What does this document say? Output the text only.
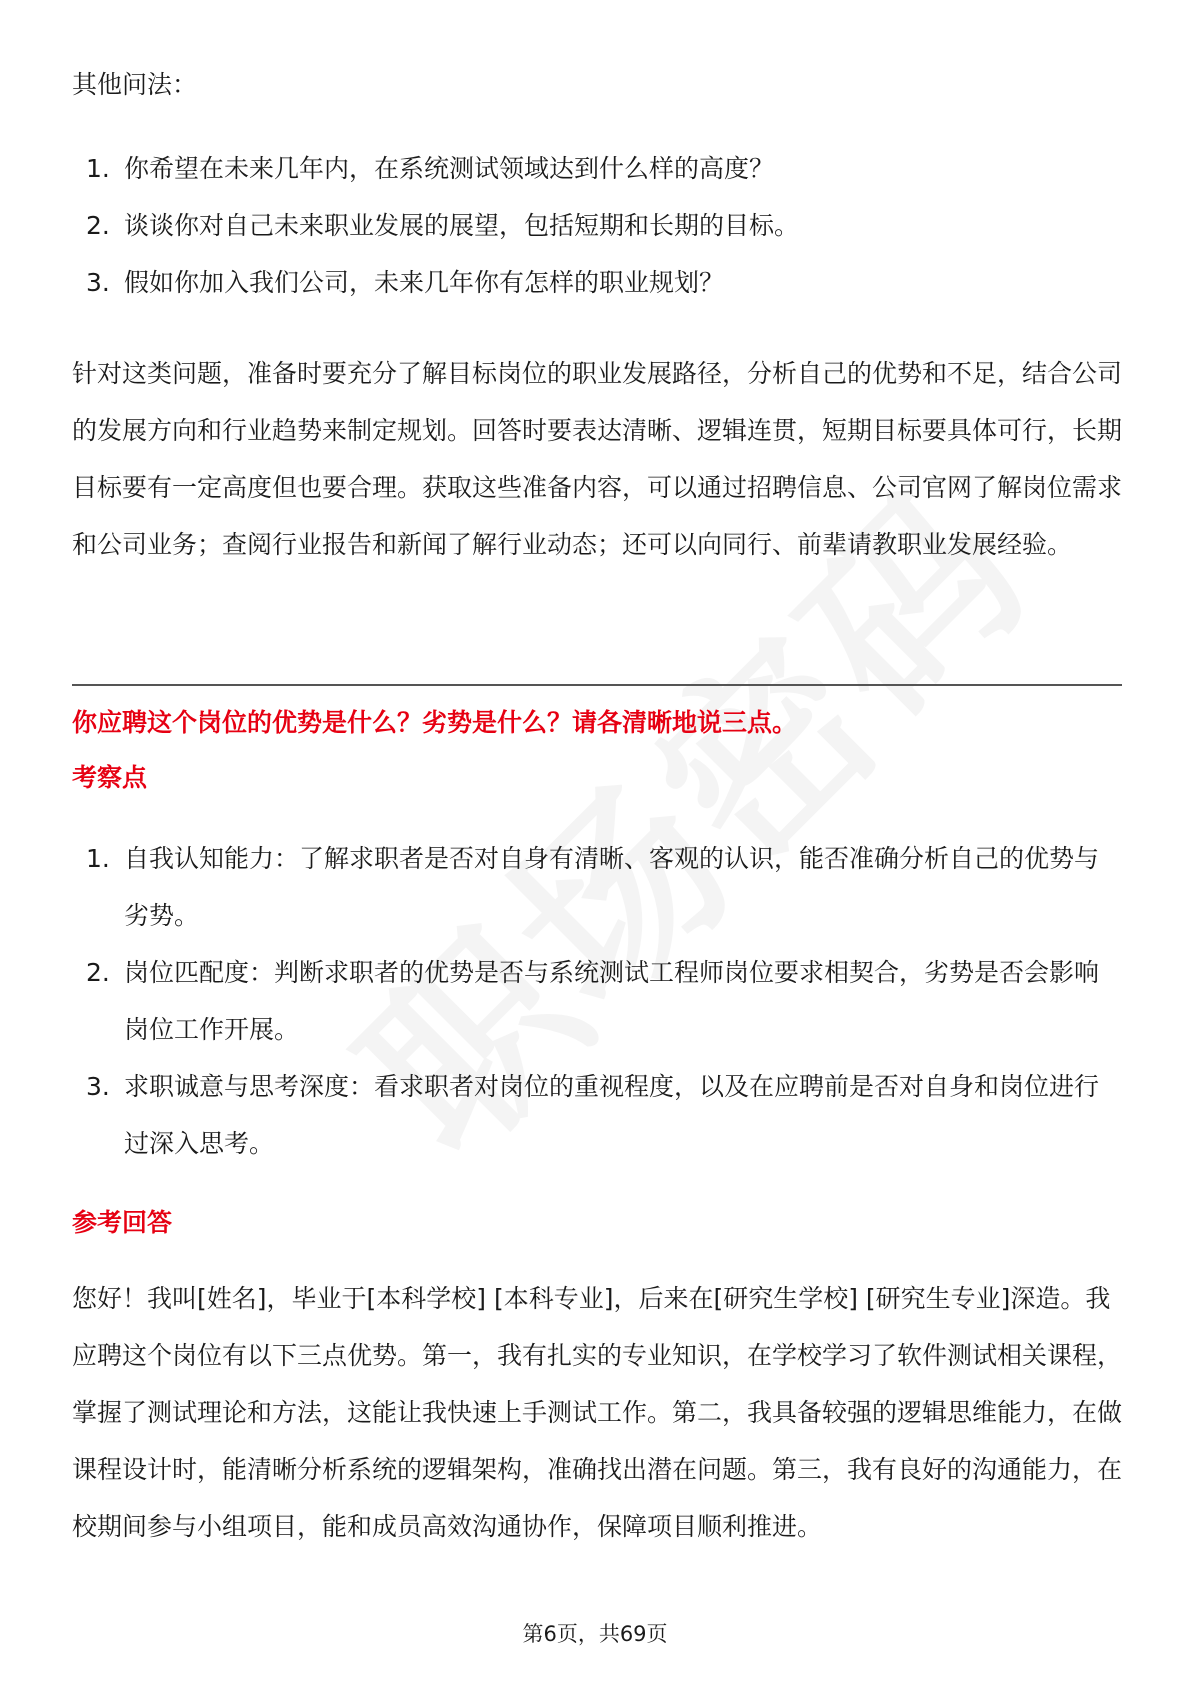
其他问法：

1. 你希望在未来几年内，在系统测试领域达到什么样的高度？
2. 谈谈你对自己未来职业发展的展望，包括短期和长期的目标。
3. 假如你加入我们公司，未来几年你有怎样的职业规划？

针对这类问题，准备时要充分了解目标岗位的职业发展路径，分析自己的优势和不足，结合公司的发展方向和行业趋势来制定规划。回答时要表达清晰、逻辑连贯，短期目标要具体可行，长期目标要有一定高度但也要合理。获取这些准备内容，可以通过招聘信息、公司官网了解岗位需求和公司业务；查阅行业报告和新闻了解行业动态；还可以向同行、前辈请教职业发展经验。

你应聘这个岗位的优势是什么？劣势是什么？请各清晰地说三点。

考察点

1. 自我认知能力：了解求职者是否对自身有清晰、客观的认识，能否准确分析自己的优势与劣势。
2. 岗位匹配度：判断求职者的优势是否与系统测试工程师岗位要求相契合，劣势是否会影响岗位工作开展。
3. 求职诚意与思考深度：看求职者对岗位的重视程度，以及在应聘前是否对自身和岗位进行过深入思考。

参考回答

您好！我叫[姓名]，毕业于[本科学校] [本科专业]，后来在[研究生学校] [研究生专业]深造。我应聘这个岗位有以下三点优势。第一，我有扎实的专业知识，在学校学习了软件测试相关课程，掌握了测试理论和方法，这能让我快速上手测试工作。第二，我具备较强的逻辑思维能力，在做课程设计时，能清晰分析系统的逻辑架构，准确找出潜在问题。第三，我有良好的沟通能力，在校期间参与小组项目，能和成员高效沟通协作，保障项目顺利推进。

第6页，共69页
